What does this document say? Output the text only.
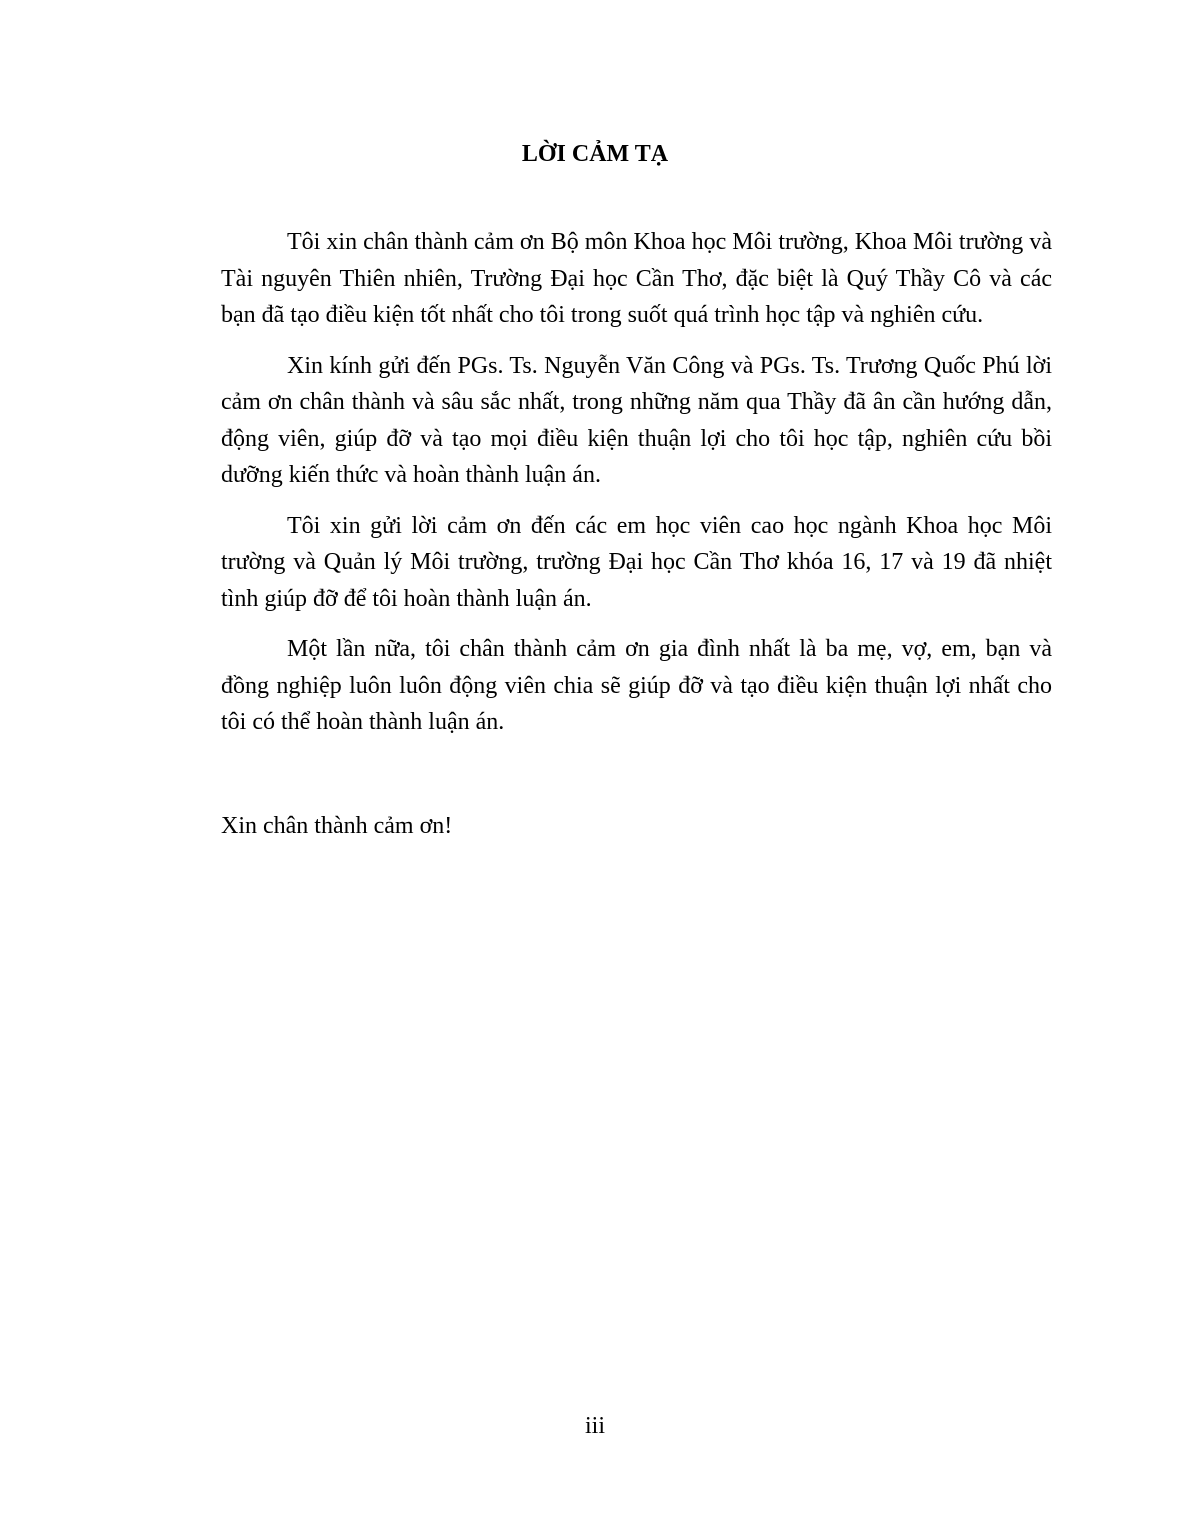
LỜI CẢM TẠ

Tôi xin chân thành cảm ơn Bộ môn Khoa học Môi trường, Khoa Môi trường và Tài nguyên Thiên nhiên, Trường Đại học Cần Thơ, đặc biệt là Quý Thầy Cô và các bạn đã tạo điều kiện tốt nhất cho tôi trong suốt quá trình học tập và nghiên cứu.

Xin kính gửi đến PGs. Ts. Nguyễn Văn Công và PGs. Ts. Trương Quốc Phú lời cảm ơn chân thành và sâu sắc nhất, trong những năm qua Thầy đã ân cần hướng dẫn, động viên, giúp đỡ và tạo mọi điều kiện thuận lợi cho tôi học tập, nghiên cứu bồi dưỡng kiến thức và hoàn thành luận án.

Tôi xin gửi lời cảm ơn đến các em học viên cao học ngành Khoa học Môi trường và Quản lý Môi trường, trường Đại học Cần Thơ khóa 16, 17 và 19 đã nhiệt tình giúp đỡ để tôi hoàn thành luận án.

Một lần nữa, tôi chân thành cảm ơn gia đình nhất là ba mẹ, vợ, em, bạn và đồng nghiệp luôn luôn động viên chia sẽ giúp đỡ và tạo điều kiện thuận lợi nhất cho tôi có thể hoàn thành luận án.

Xin chân thành cảm ơn!

iii
